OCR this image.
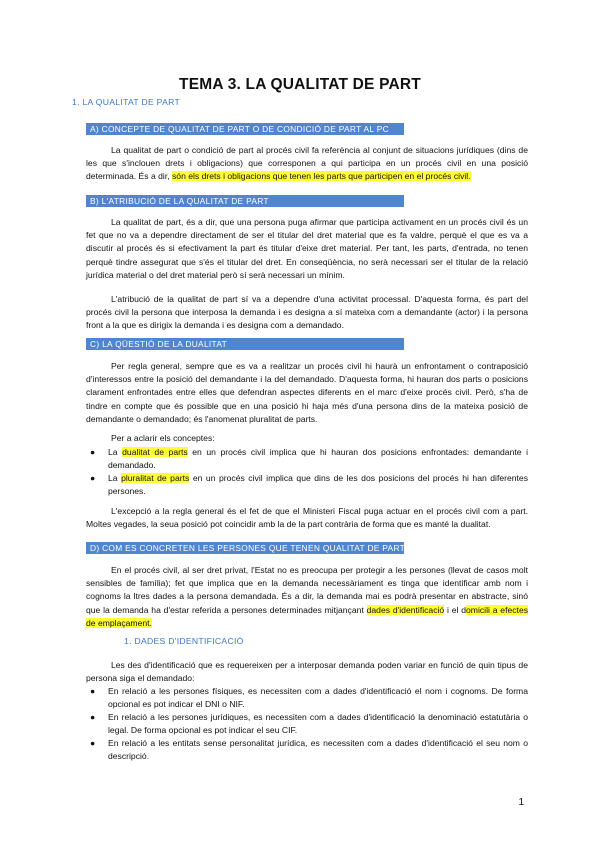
TEMA 3. LA QUALITAT DE PART
1. LA QUALITAT DE PART
A) CONCEPTE DE QUALITAT DE PART O DE CONDICIÓ DE PART AL PC
La qualitat de part o condició de part al procés civil fa referència al conjunt de situacions jurídiques (dins de les que s'inclouen drets i obligacions) que corresponen a qui participa en un procés civil en una posició determinada. És a dir, són els drets i obligacions que tenen les parts que participen en el procés civil.
B) L'ATRIBUCIÓ DE LA QUALITAT DE PART
La qualitat de part, és a dir, que una persona puga afirmar que participa activament en un procés civil és un fet que no va a dependre directament de ser el titular del dret material que es fa valdre, perquè el que es va a discutir al procés és si efectivament la part és titular d'eixe dret material. Per tant, les parts, d'entrada, no tenen perquè tindre assegurat que s'és el titular del dret. En conseqüència, no serà necessari ser el titular de la relació jurídica material o del dret material però sí serà necessari un mínim.
L'atribució de la qualitat de part sí va a dependre d'una activitat processal. D'aquesta forma, és part del procés civil la persona que interposa la demanda i es designa a sí mateixa com a demandante (actor) i la persona front a la que es dirigix la demanda i es designa com a demandado.
C) LA QÜESTIÓ DE LA DUALITAT
Per regla general, sempre que es va a realitzar un procés civil hi haurà un enfrontament o contraposició d'interessos entre la posició del demandante i la del demandado. D'aquesta forma, hi hauran dos parts o posicions clarament enfrontades entre elles que defendran aspectes diferents en el marc d'eixe procés civil. Però, s'ha de tindre en compte que és possible que en una posició hi haja més d'una persona dins de la mateixa posició de demandante o demandado; és l'anomenat pluralitat de parts.
Per a aclarir els conceptes:
● La dualitat de parts en un procés civil implica que hi hauran dos posicions enfrontades: demandante i demandado.
● La pluralitat de parts en un procés civil implica que dins de les dos posicions del procés hi han diferentes persones.
L'excepció a la regla general és el fet de que el Ministeri Fiscal puga actuar en el procés civil com a part. Moltes vegades, la seua posició pot coincidir amb la de la part contrària de forma que es manté la dualitat.
D) COM ES CONCRETEN LES PERSONES QUE TENEN QUALITAT DE PART
En el procés civil, al ser dret privat, l'Estat no es preocupa per protegir a les persones (llevat de casos molt sensibles de família); fet que implica que en la demanda necessàriament es tinga que identificar amb nom i cognoms la ltres dades a la persona demandada. És a dir, la demanda mai es podrà presentar en abstracte, sinó que la demanda ha d'estar referida a persones determinades mitjançant dades d'identificació i el domicili a efectes de emplaçament.
1. DADES D'IDENTIFICACIÓ
Les des d'identificació que es requereixen per a interposar demanda poden variar en funció de quin tipus de persona siga el demandado:
● En relació a les persones físiques, es necessiten com a dades d'identificació el nom i cognoms. De forma opcional es pot indicar el DNI o NIF.
● En relació a les persones jurídiques, es necessiten com a dades d'identificació la denominació estatutària o legal. De forma opcional es pot indicar el seu CIF.
● En relació a les entitats sense personalitat jurídica, es necessiten com a dades d'identificació el seu nom o descripció.
1
